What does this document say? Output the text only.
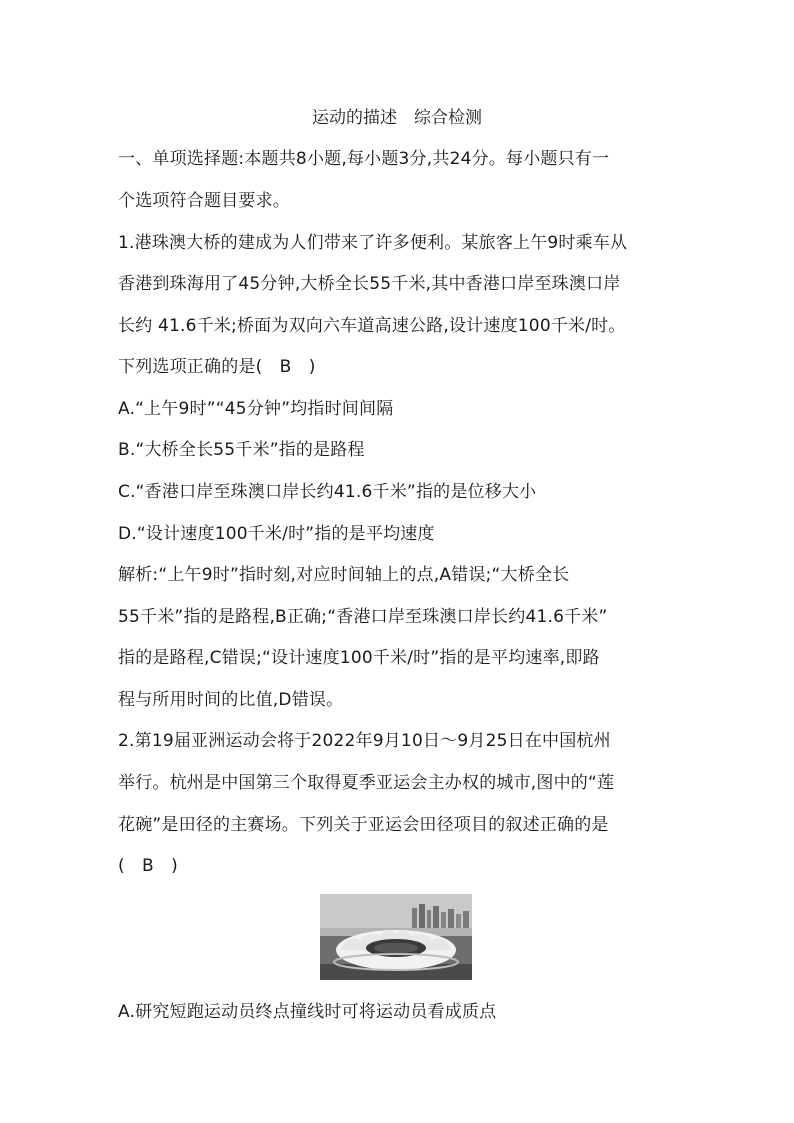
运动的描述　综合检测
一、单项选择题:本题共8小题,每小题3分,共24分。每小题只有一
个选项符合题目要求。
1.港珠澳大桥的建成为人们带来了许多便利。某旅客上午9时乘车从
香港到珠海用了45分钟,大桥全长55千米,其中香港口岸至珠澳口岸
长约 41.6千米;桥面为双向六车道高速公路,设计速度100千米/时。
下列选项正确的是(　B　)
A.“上午9时”“45分钟”均指时间间隔
B.“大桥全长55千米”指的是路程
C.“香港口岸至珠澳口岸长约41.6千米”指的是位移大小
D.“设计速度100千米/时”指的是平均速度
解析:“上午9时”指时刻,对应时间轴上的点,A错误;“大桥全长
55千米”指的是路程,B正确;“香港口岸至珠澳口岸长约41.6千米”
指的是路程,C错误;“设计速度100千米/时”指的是平均速率,即路
程与所用时间的比值,D错误。
2.第19届亚洲运动会将于2022年9月10日～9月25日在中国杭州
举行。杭州是中国第三个取得夏季亚运会主办权的城市,图中的“莲
花碗”是田径的主赛场。下列关于亚运会田径项目的叙述正确的是
(　B　)
A.研究短跑运动员终点撞线时可将运动员看成质点
